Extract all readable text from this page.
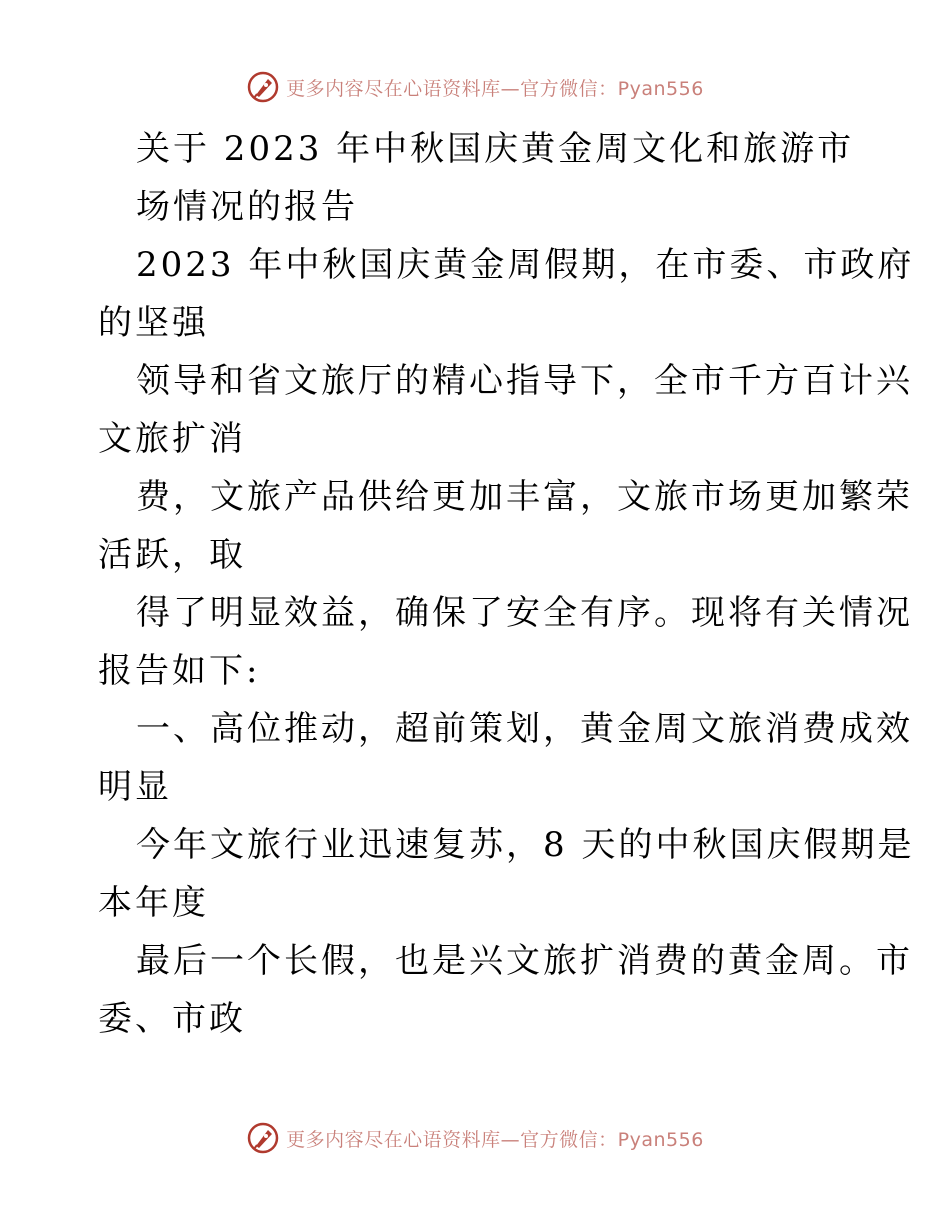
更多内容尽在心语资料库—官方微信：Pyan556
关于 2023 年中秋国庆黄金周文化和旅游市
场情况的报告
2023 年中秋国庆黄金周假期，在市委、市政府
的坚强
领导和省文旅厅的精心指导下，全市千方百计兴
文旅扩消
费，文旅产品供给更加丰富，文旅市场更加繁荣
活跃，取
得了明显效益，确保了安全有序。现将有关情况
报告如下:
一、高位推动，超前策划，黄金周文旅消费成效
明显
今年文旅行业迅速复苏，8 天的中秋国庆假期是
本年度
最后一个长假，也是兴文旅扩消费的黄金周。市
委、市政
更多内容尽在心语资料库—官方微信：Pyan556
